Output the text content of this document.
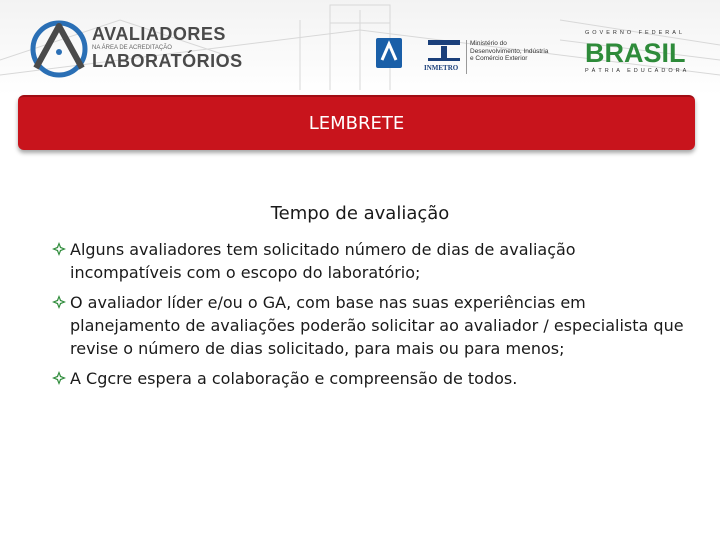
AVALIADORES
NA ÁREA DE ACREDITAÇÃO
LABORATÓRIOS	INMETRO
Ministério do
Desenvolvimento, Indústria
e Comércio Exterior
GOVERNO FEDERAL
BRASIL
PÁTRIA EDUCADORA
LEMBRETE
Tempo de avaliação
Alguns avaliadores tem solicitado número de dias de avaliação incompatíveis com o escopo do laboratório;
O avaliador líder e/ou o GA, com base nas suas experiências em planejamento de avaliações poderão solicitar ao avaliador / especialista que revise o número de dias solicitado, para mais ou para menos;
A Cgcre espera a colaboração e compreensão de todos.
